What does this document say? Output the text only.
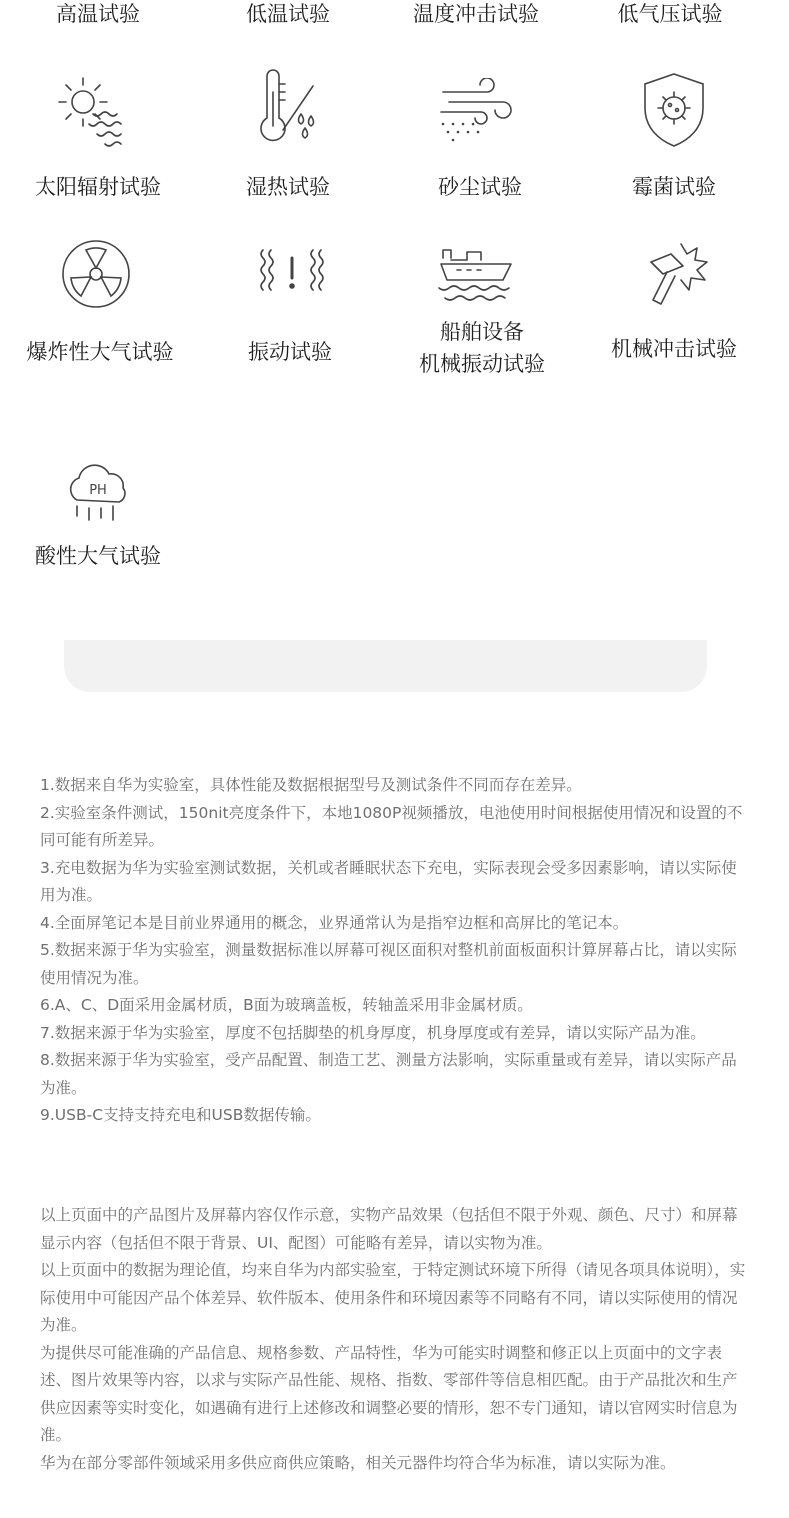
高温试验	低温试验	温度冲击试验	低气压试验
太阳辐射试验	湿热试验	砂尘试验	霉菌试验
爆炸性大气试验	振动试验
船舶设备
机械振动试验
机械冲击试验
PH
酸性大气试验

1.数据来自华为实验室，具体性能及数据根据型号及测试条件不同而存在差异。

2.实验室条件测试，150nit亮度条件下，本地1080P视频播放，电池使用时间根据使用情况和设置的不同可能有所差异。

3.充电数据为华为实验室测试数据，关机或者睡眠状态下充电，实际表现会受多因素影响，请以实际使用为准。

4.全面屏笔记本是目前业界通用的概念，业界通常认为是指窄边框和高屏比的笔记本。

5.数据来源于华为实验室，测量数据标准以屏幕可视区面积对整机前面板面积计算屏幕占比，请以实际使用情况为准。

6.A、C、D面采用金属材质，B面为玻璃盖板，转轴盖采用非金属材质。

7.数据来源于华为实验室，厚度不包括脚垫的机身厚度，机身厚度或有差异，请以实际产品为准。

8.数据来源于华为实验室，受产品配置、制造工艺、测量方法影响，实际重量或有差异，请以实际产品为准。

9.USB-C支持支持充电和USB数据传输。

以上页面中的产品图片及屏幕内容仅作示意，实物产品效果（包括但不限于外观、颜色、尺寸）和屏幕显示内容（包括但不限于背景、UI、配图）可能略有差异，请以实物为准。

以上页面中的数据为理论值，均来自华为内部实验室，于特定测试环境下所得（请见各项具体说明），实际使用中可能因产品个体差异、软件版本、使用条件和环境因素等不同略有不同，请以实际使用的情况为准。

为提供尽可能准确的产品信息、规格参数、产品特性，华为可能实时调整和修正以上页面中的文字表述、图片效果等内容，以求与实际产品性能、规格、指数、零部件等信息相匹配。由于产品批次和生产供应因素等实时变化，如遇确有进行上述修改和调整必要的情形，恕不专门通知，请以官网实时信息为准。

华为在部分零部件领域采用多供应商供应策略，相关元器件均符合华为标准，请以实际为准。
